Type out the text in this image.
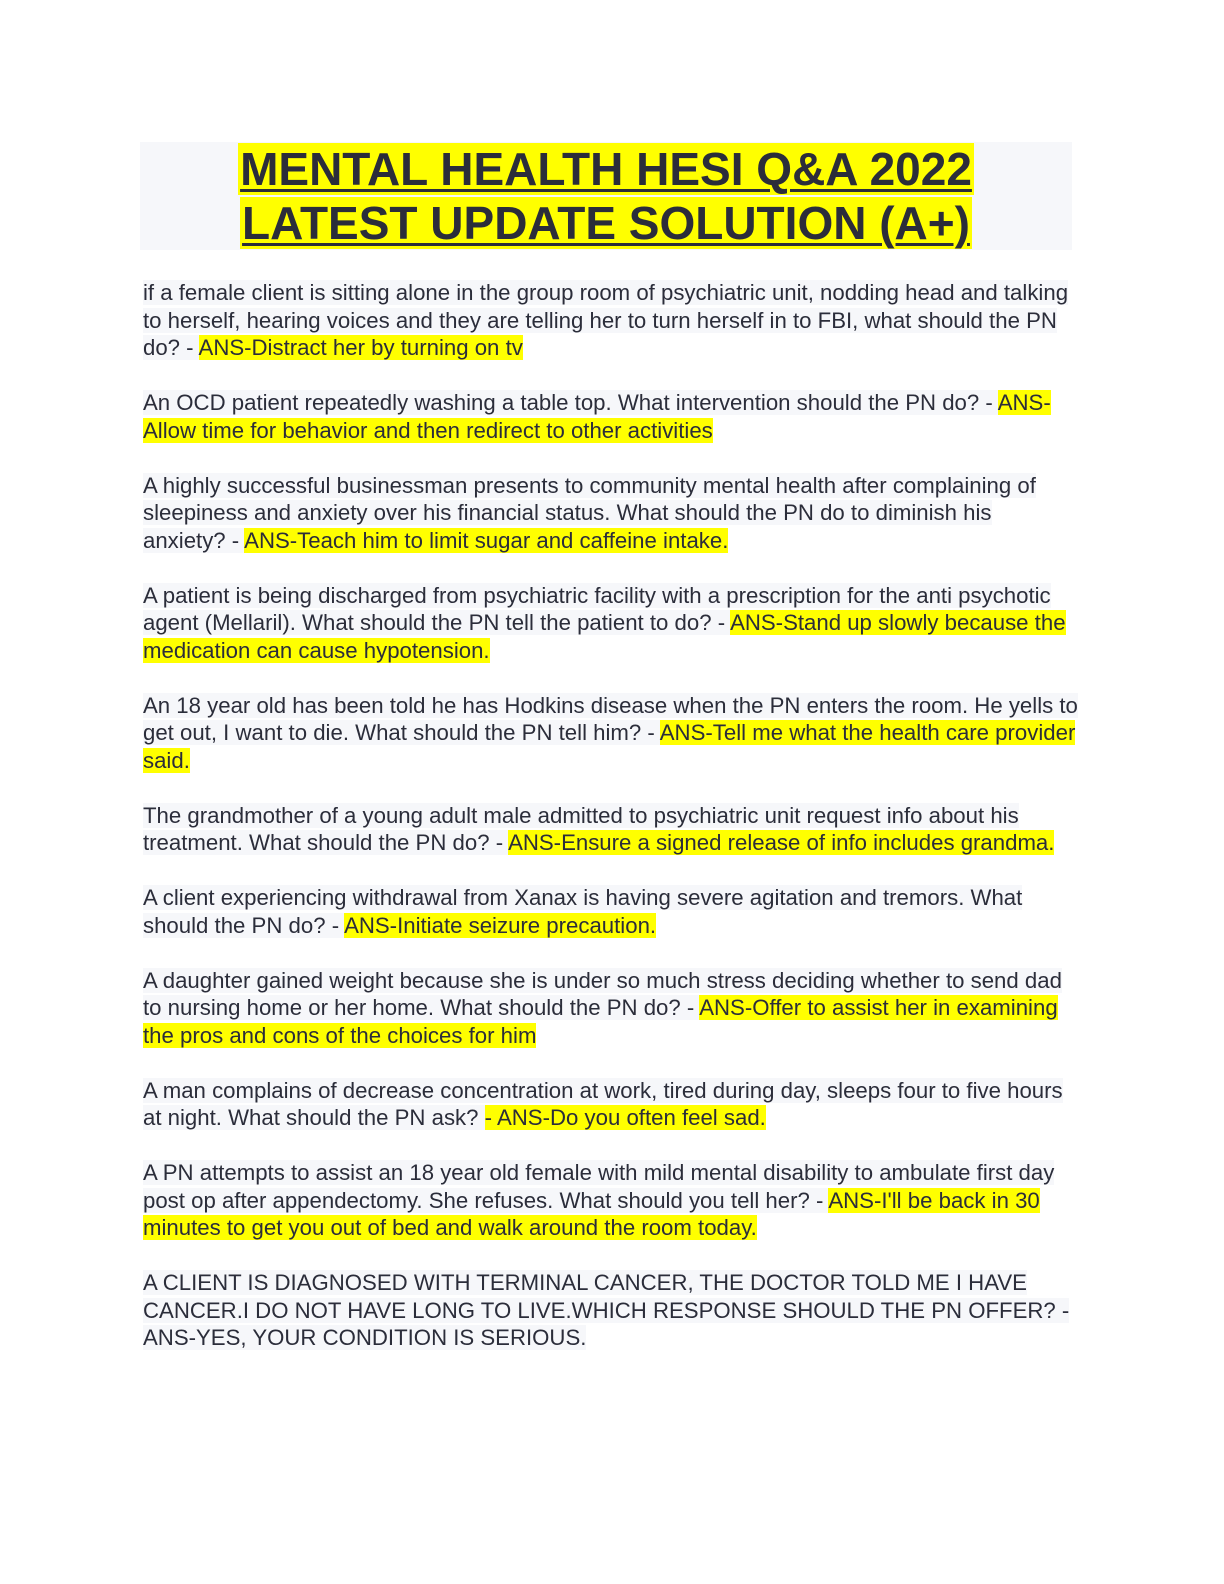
MENTAL HEALTH HESI Q&A 2022
LATEST UPDATE SOLUTION (A+)

if a female client is sitting alone in the group room of psychiatric unit, nodding head and talking to herself, hearing voices and they are telling her to turn herself in to FBI, what should the PN do? - ANS-Distract her by turning on tv

An OCD patient repeatedly washing a table top. What intervention should the PN do? - ANS-Allow time for behavior and then redirect to other activities

A highly successful businessman presents to community mental health after complaining of sleepiness and anxiety over his financial status. What should the PN do to diminish his anxiety? - ANS-Teach him to limit sugar and caffeine intake.

A patient is being discharged from psychiatric facility with a prescription for the anti psychotic agent (Mellaril). What should the PN tell the patient to do? - ANS-Stand up slowly because the medication can cause hypotension.

An 18 year old has been told he has Hodkins disease when the PN enters the room. He yells to get out, I want to die. What should the PN tell him? - ANS-Tell me what the health care provider said.

The grandmother of a young adult male admitted to psychiatric unit request info about his treatment. What should the PN do? - ANS-Ensure a signed release of info includes grandma.

A client experiencing withdrawal from Xanax is having severe agitation and tremors. What should the PN do? - ANS-Initiate seizure precaution.

A daughter gained weight because she is under so much stress deciding whether to send dad to nursing home or her home. What should the PN do? - ANS-Offer to assist her in examining the pros and cons of the choices for him

A man complains of decrease concentration at work, tired during day, sleeps four to five hours at night. What should the PN ask? - ANS-Do you often feel sad.

A PN attempts to assist an 18 year old female with mild mental disability to ambulate first day post op after appendectomy. She refuses. What should you tell her? - ANS-I'll be back in 30 minutes to get you out of bed and walk around the room today.

A CLIENT IS DIAGNOSED WITH TERMINAL CANCER, THE DOCTOR TOLD ME I HAVE CANCER.I DO NOT HAVE LONG TO LIVE.WHICH RESPONSE SHOULD THE PN OFFER? - ANS-YES, YOUR CONDITION IS SERIOUS.
